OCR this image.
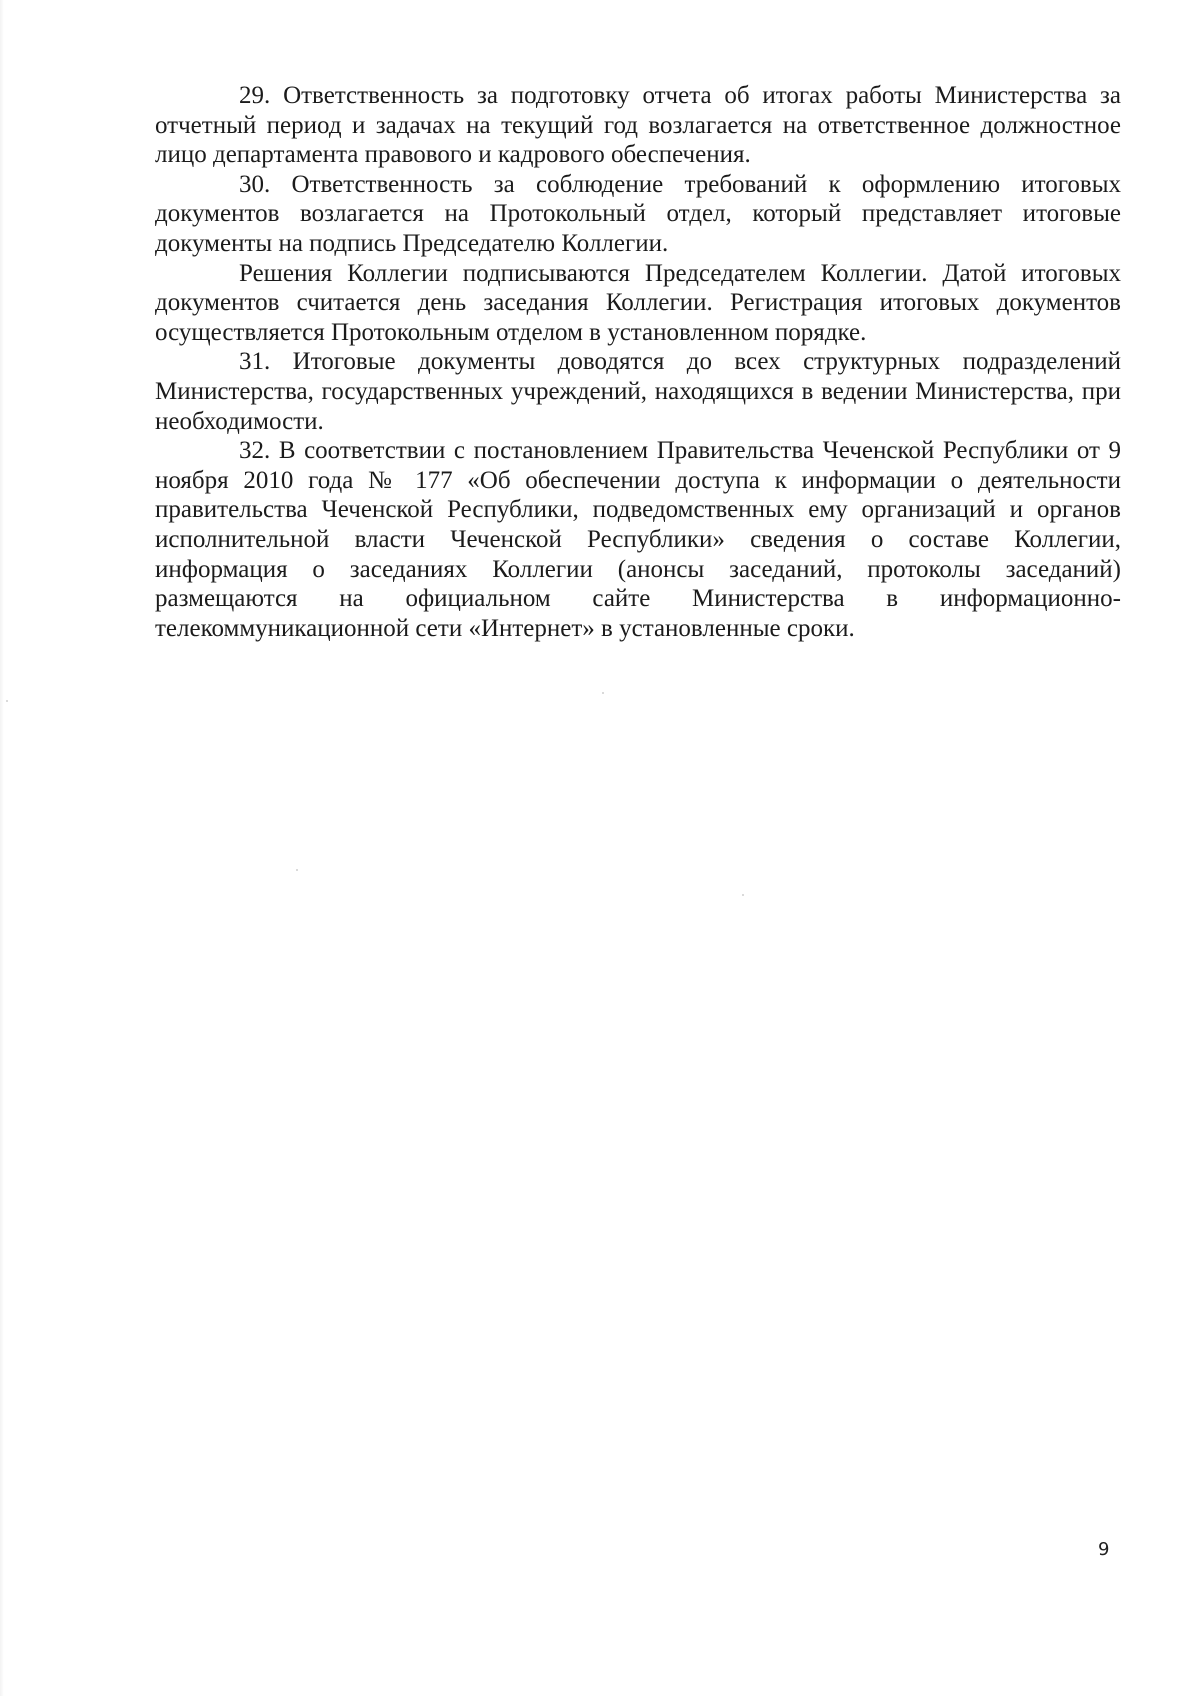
29. Ответственность за подготовку отчета об итогах работы Министерства за отчетный период и задачах на текущий год возлагается на ответственное должностное лицо департамента правового и кадрового обеспечения.

30. Ответственность за соблюдение требований к оформлению итоговых документов возлагается на Протокольный отдел, который представляет итоговые документы на подпись Председателю Коллегии.

Решения Коллегии подписываются Председателем Коллегии. Датой итоговых документов считается день заседания Коллегии. Регистрация итоговых документов осуществляется Протокольным отделом в установленном порядке.

31. Итоговые документы доводятся до всех структурных подразделений Министерства, государственных учреждений, находящихся в ведении Министерства, при необходимости.

32. В соответствии с постановлением Правительства Чеченской Республики от 9 ноября 2010 года № 177 «Об обеспечении доступа к информации о деятельности правительства Чеченской Республики, подведомственных ему организаций и органов исполнительной власти Чеченской Республики» сведения о составе Коллегии, информация о заседаниях Коллегии (анонсы заседаний, протоколы заседаний) размещаются на официальном сайте Министерства в информационно-телекоммуникационной сети «Интернет» в установленные сроки.

9
